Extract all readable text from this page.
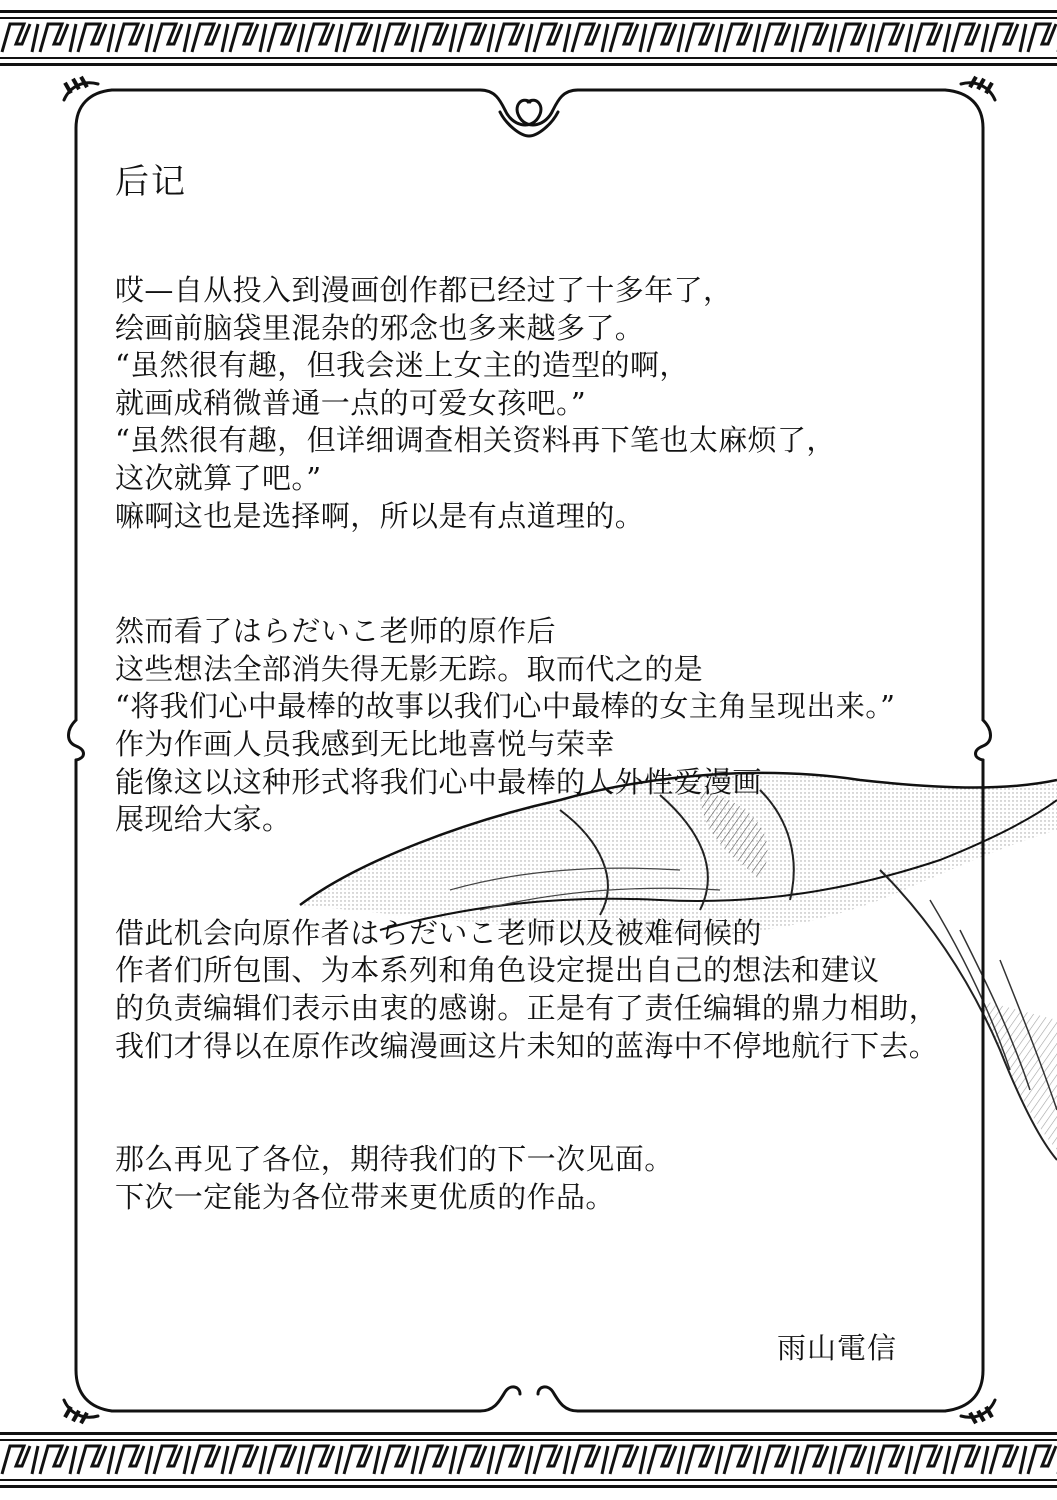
后记

哎—自从投入到漫画创作都已经过了十多年了，
绘画前脑袋里混杂的邪念也多来越多了。
“虽然很有趣，但我会迷上女主的造型的啊，
就画成稍微普通一点的可爱女孩吧。”
“虽然很有趣，但详细调查相关资料再下笔也太麻烦了，
这次就算了吧。”
嘛啊这也是选择啊，所以是有点道理的。

然而看了はらだいこ老师的原作后
这些想法全部消失得无影无踪。取而代之的是
“将我们心中最棒的故事以我们心中最棒的女主角呈现出来。”
作为作画人员我感到无比地喜悦与荣幸
能像这以这种形式将我们心中最棒的人外性爱漫画
展现给大家。

借此机会向原作者はらだいこ老师以及被难伺候的
作者们所包围、为本系列和角色设定提出自己的想法和建议
的负责编辑们表示由衷的感谢。正是有了责任编辑的鼎力相助，
我们才得以在原作改编漫画这片未知的蓝海中不停地航行下去。

那么再见了各位，期待我们的下一次见面。
下次一定能为各位带来更优质的作品。

雨山電信
